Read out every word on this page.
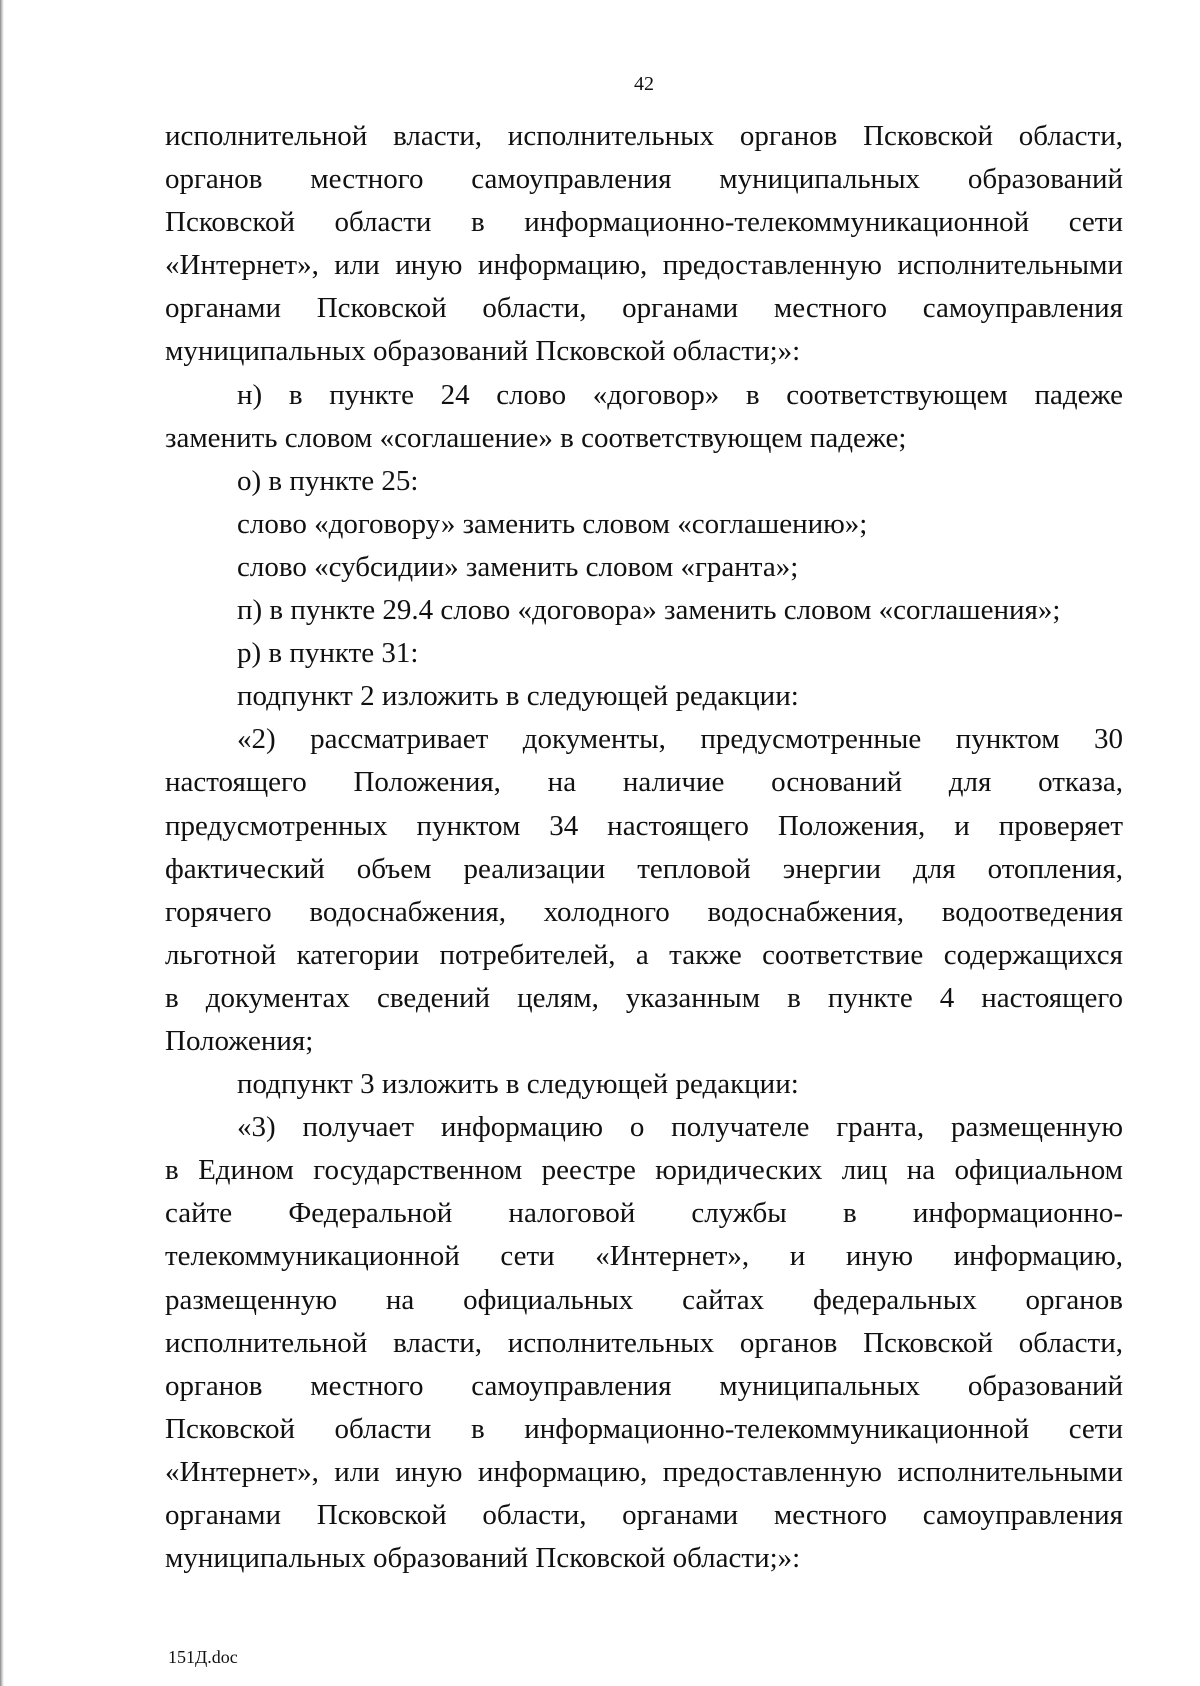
42
исполнительной власти, исполнительных органов Псковской области,
органов местного самоуправления муниципальных образований
Псковской области в информационно-телекоммуникационной сети
«Интернет», или иную информацию, предоставленную исполнительными
органами Псковской области, органами местного самоуправления
муниципальных образований Псковской области;»:
н) в пункте 24 слово «договор» в соответствующем падеже
заменить словом «соглашение» в соответствующем падеже;
о) в пункте 25:
слово «договору» заменить словом «соглашению»;
слово «субсидии» заменить словом «гранта»;
п) в пункте 29.4 слово «договора» заменить словом «соглашения»;
р) в пункте 31:
подпункт 2 изложить в следующей редакции:
«2) рассматривает документы, предусмотренные пунктом 30
настоящего Положения, на наличие оснований для отказа,
предусмотренных пунктом 34 настоящего Положения, и проверяет
фактический объем реализации тепловой энергии для отопления,
горячего водоснабжения, холодного водоснабжения, водоотведения
льготной категории потребителей, а также соответствие содержащихся
в документах сведений целям, указанным в пункте 4 настоящего
Положения;
подпункт 3 изложить в следующей редакции:
«3) получает информацию о получателе гранта, размещенную
в Едином государственном реестре юридических лиц на официальном
сайте Федеральной налоговой службы в информационно-
телекоммуникационной сети «Интернет», и иную информацию,
размещенную на официальных сайтах федеральных органов
исполнительной власти, исполнительных органов Псковской области,
органов местного самоуправления муниципальных образований
Псковской области в информационно-телекоммуникационной сети
«Интернет», или иную информацию, предоставленную исполнительными
органами Псковской области, органами местного самоуправления
муниципальных образований Псковской области;»:
151Д.doc
